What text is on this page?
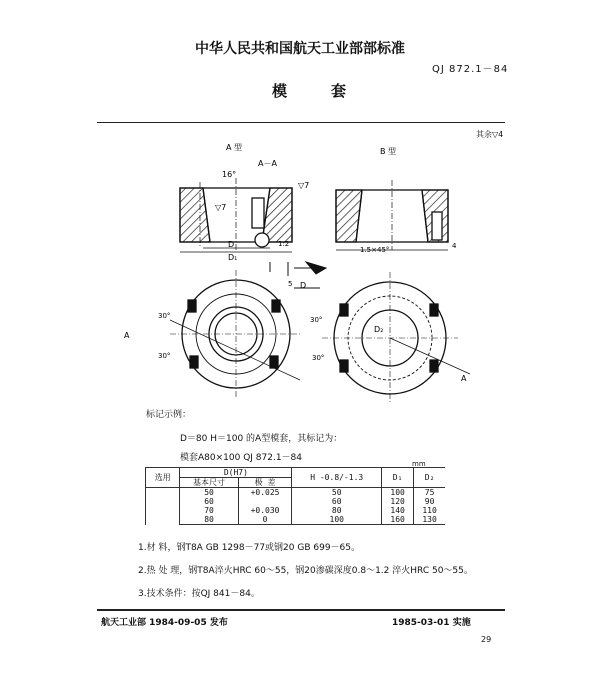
中华人民共和国航天工业部部标准
QJ 872.1－84
模套
其余▽4
A 型	B 型
A－A
16°
▽7
▽7
D
D₁
1:2
D
5
1.5×45°	4
A
30°
30°
D₂
A
30°
30°
标记示例：
D＝80 H＝100 的A型模套，其标记为：
模套A80×100 QJ 872.1－84
mm
选用	D(H7)		H -0.8/-1.3	D₁	D₂
	基本尺寸	极 差			
	50	+0.025	50	100	75
	60		60	120	90
	70	+0.030	80	140	110
	80	0	100	160	130
1.材 料，钢T8A GB 1298－77或钢20 GB 699－65。
2.热 处 理，钢T8A淬火HRC 60～55，钢20渗碳深度0.8～1.2 淬火HRC 50～55。
3.技术条件：按QJ 841－84。
航天工业部 1984-09-05 发布	1985-03-01 实施
29
